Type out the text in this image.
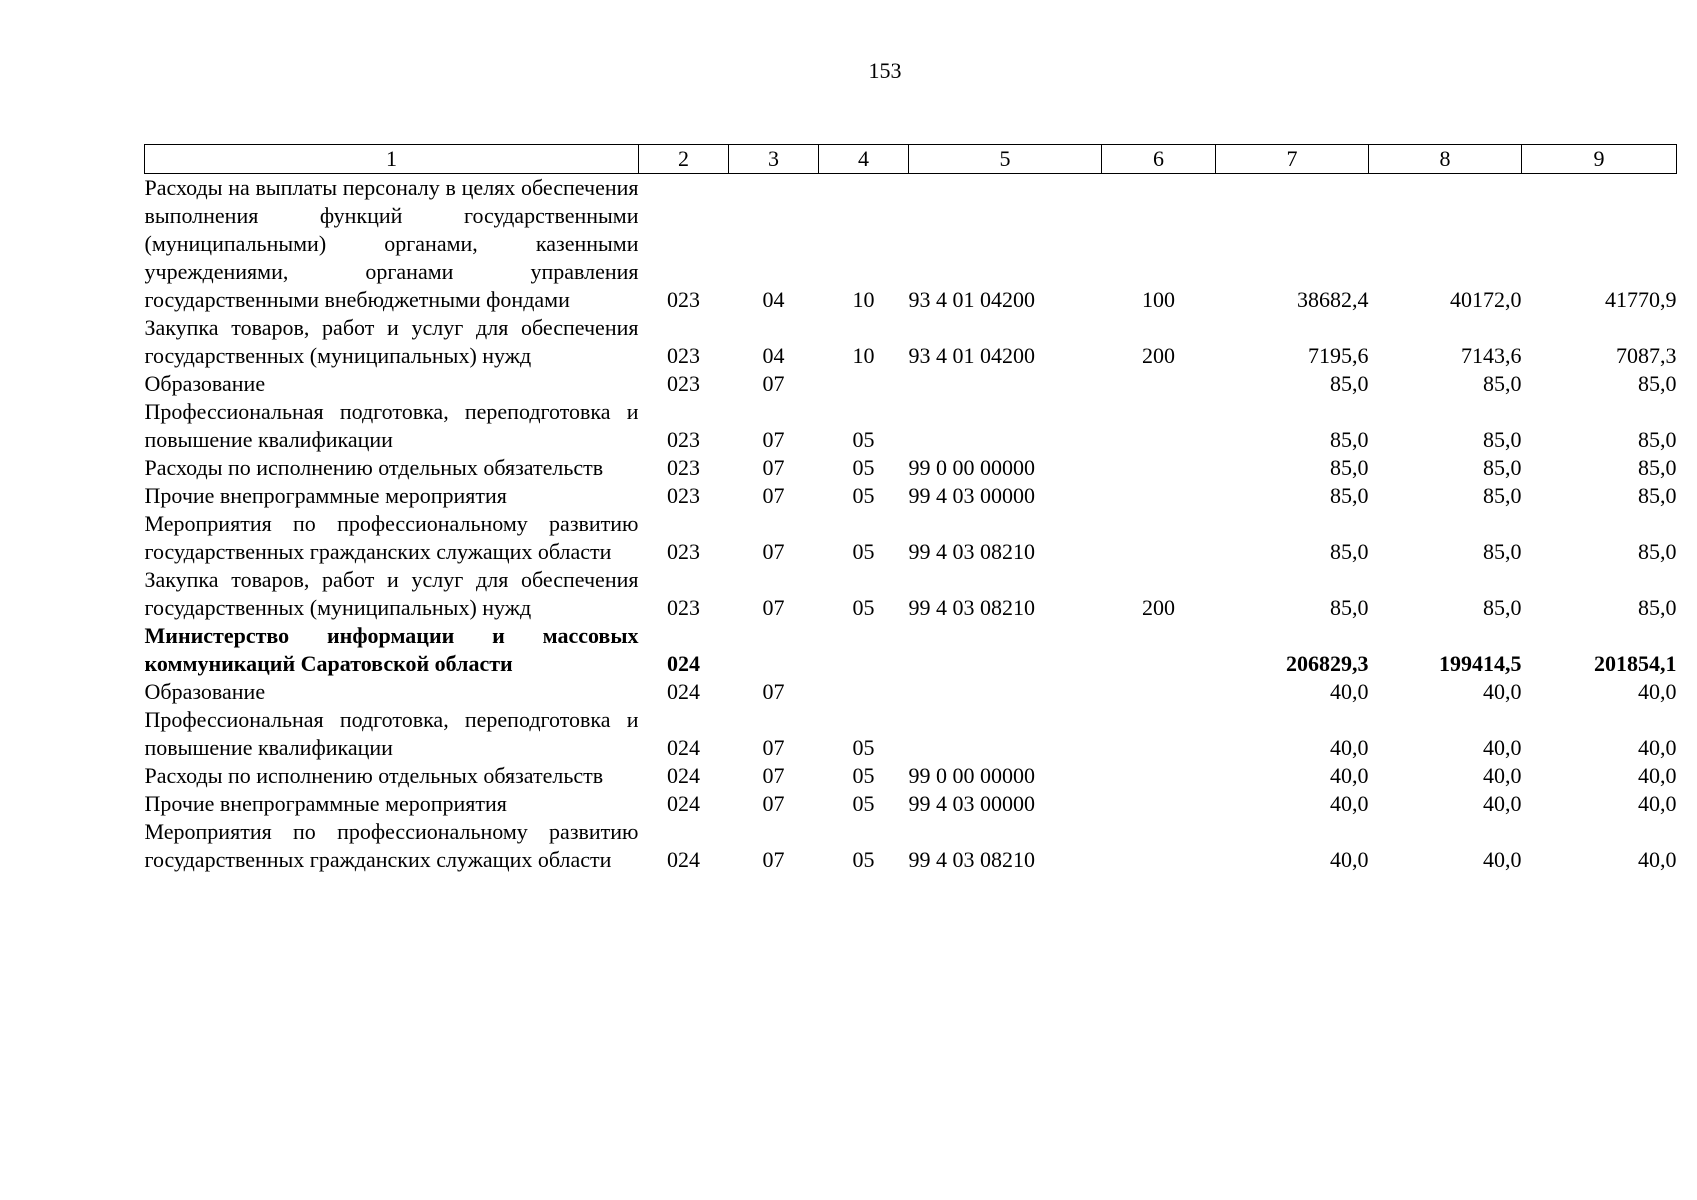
153
1	2	3	4	5	6	7	8	9
Расходы на выплаты персоналу в целях обеспечения выполнения функций государственными (муниципальными) органами, казенными учреждениями, органами управления государственными внебюджетными фондами	023	04	10	93 4 01 04200	100	38682,4	40172,0	41770,9
Закупка товаров, работ и услуг для обеспечения государственных (муниципальных) нужд	023	04	10	93 4 01 04200	200	7195,6	7143,6	7087,3
Образование	023	07				85,0	85,0	85,0
Профессиональная подготовка, переподготовка и повышение квалификации	023	07	05			85,0	85,0	85,0
Расходы по исполнению отдельных обязательств	023	07	05	99 0 00 00000		85,0	85,0	85,0
Прочие внепрограммные мероприятия	023	07	05	99 4 03 00000		85,0	85,0	85,0
Мероприятия по профессиональному развитию государственных гражданских служащих области	023	07	05	99 4 03 08210		85,0	85,0	85,0
Закупка товаров, работ и услуг для обеспечения государственных (муниципальных) нужд	023	07	05	99 4 03 08210	200	85,0	85,0	85,0
Министерство информации и массовых коммуникаций Саратовской области	024					206829,3	199414,5	201854,1
Образование	024	07				40,0	40,0	40,0
Профессиональная подготовка, переподготовка и повышение квалификации	024	07	05			40,0	40,0	40,0
Расходы по исполнению отдельных обязательств	024	07	05	99 0 00 00000		40,0	40,0	40,0
Прочие внепрограммные мероприятия	024	07	05	99 4 03 00000		40,0	40,0	40,0
Мероприятия по профессиональному развитию государственных гражданских служащих области	024	07	05	99 4 03 08210		40,0	40,0	40,0
